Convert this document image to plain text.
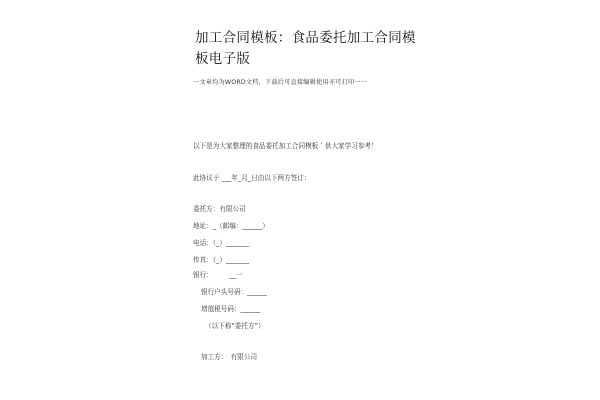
加工合同模板：食品委托加工合同模板电子版
一文章均为WORD文档，下载后可直接编辑使用亦可打印一一
以下是为大家整理的食品委托加工合同模板＇供大家学习参考！
此协议于 ___年_月_日由以下两方签订：
委托方：有限公司
地址：_（邮编：______）
电话：（_）_______
传真：（_）_______
银行：　　　__一
银行户头号码：______
增值税号码：______
（以下称“委托方”）
加工方：　有限公司
